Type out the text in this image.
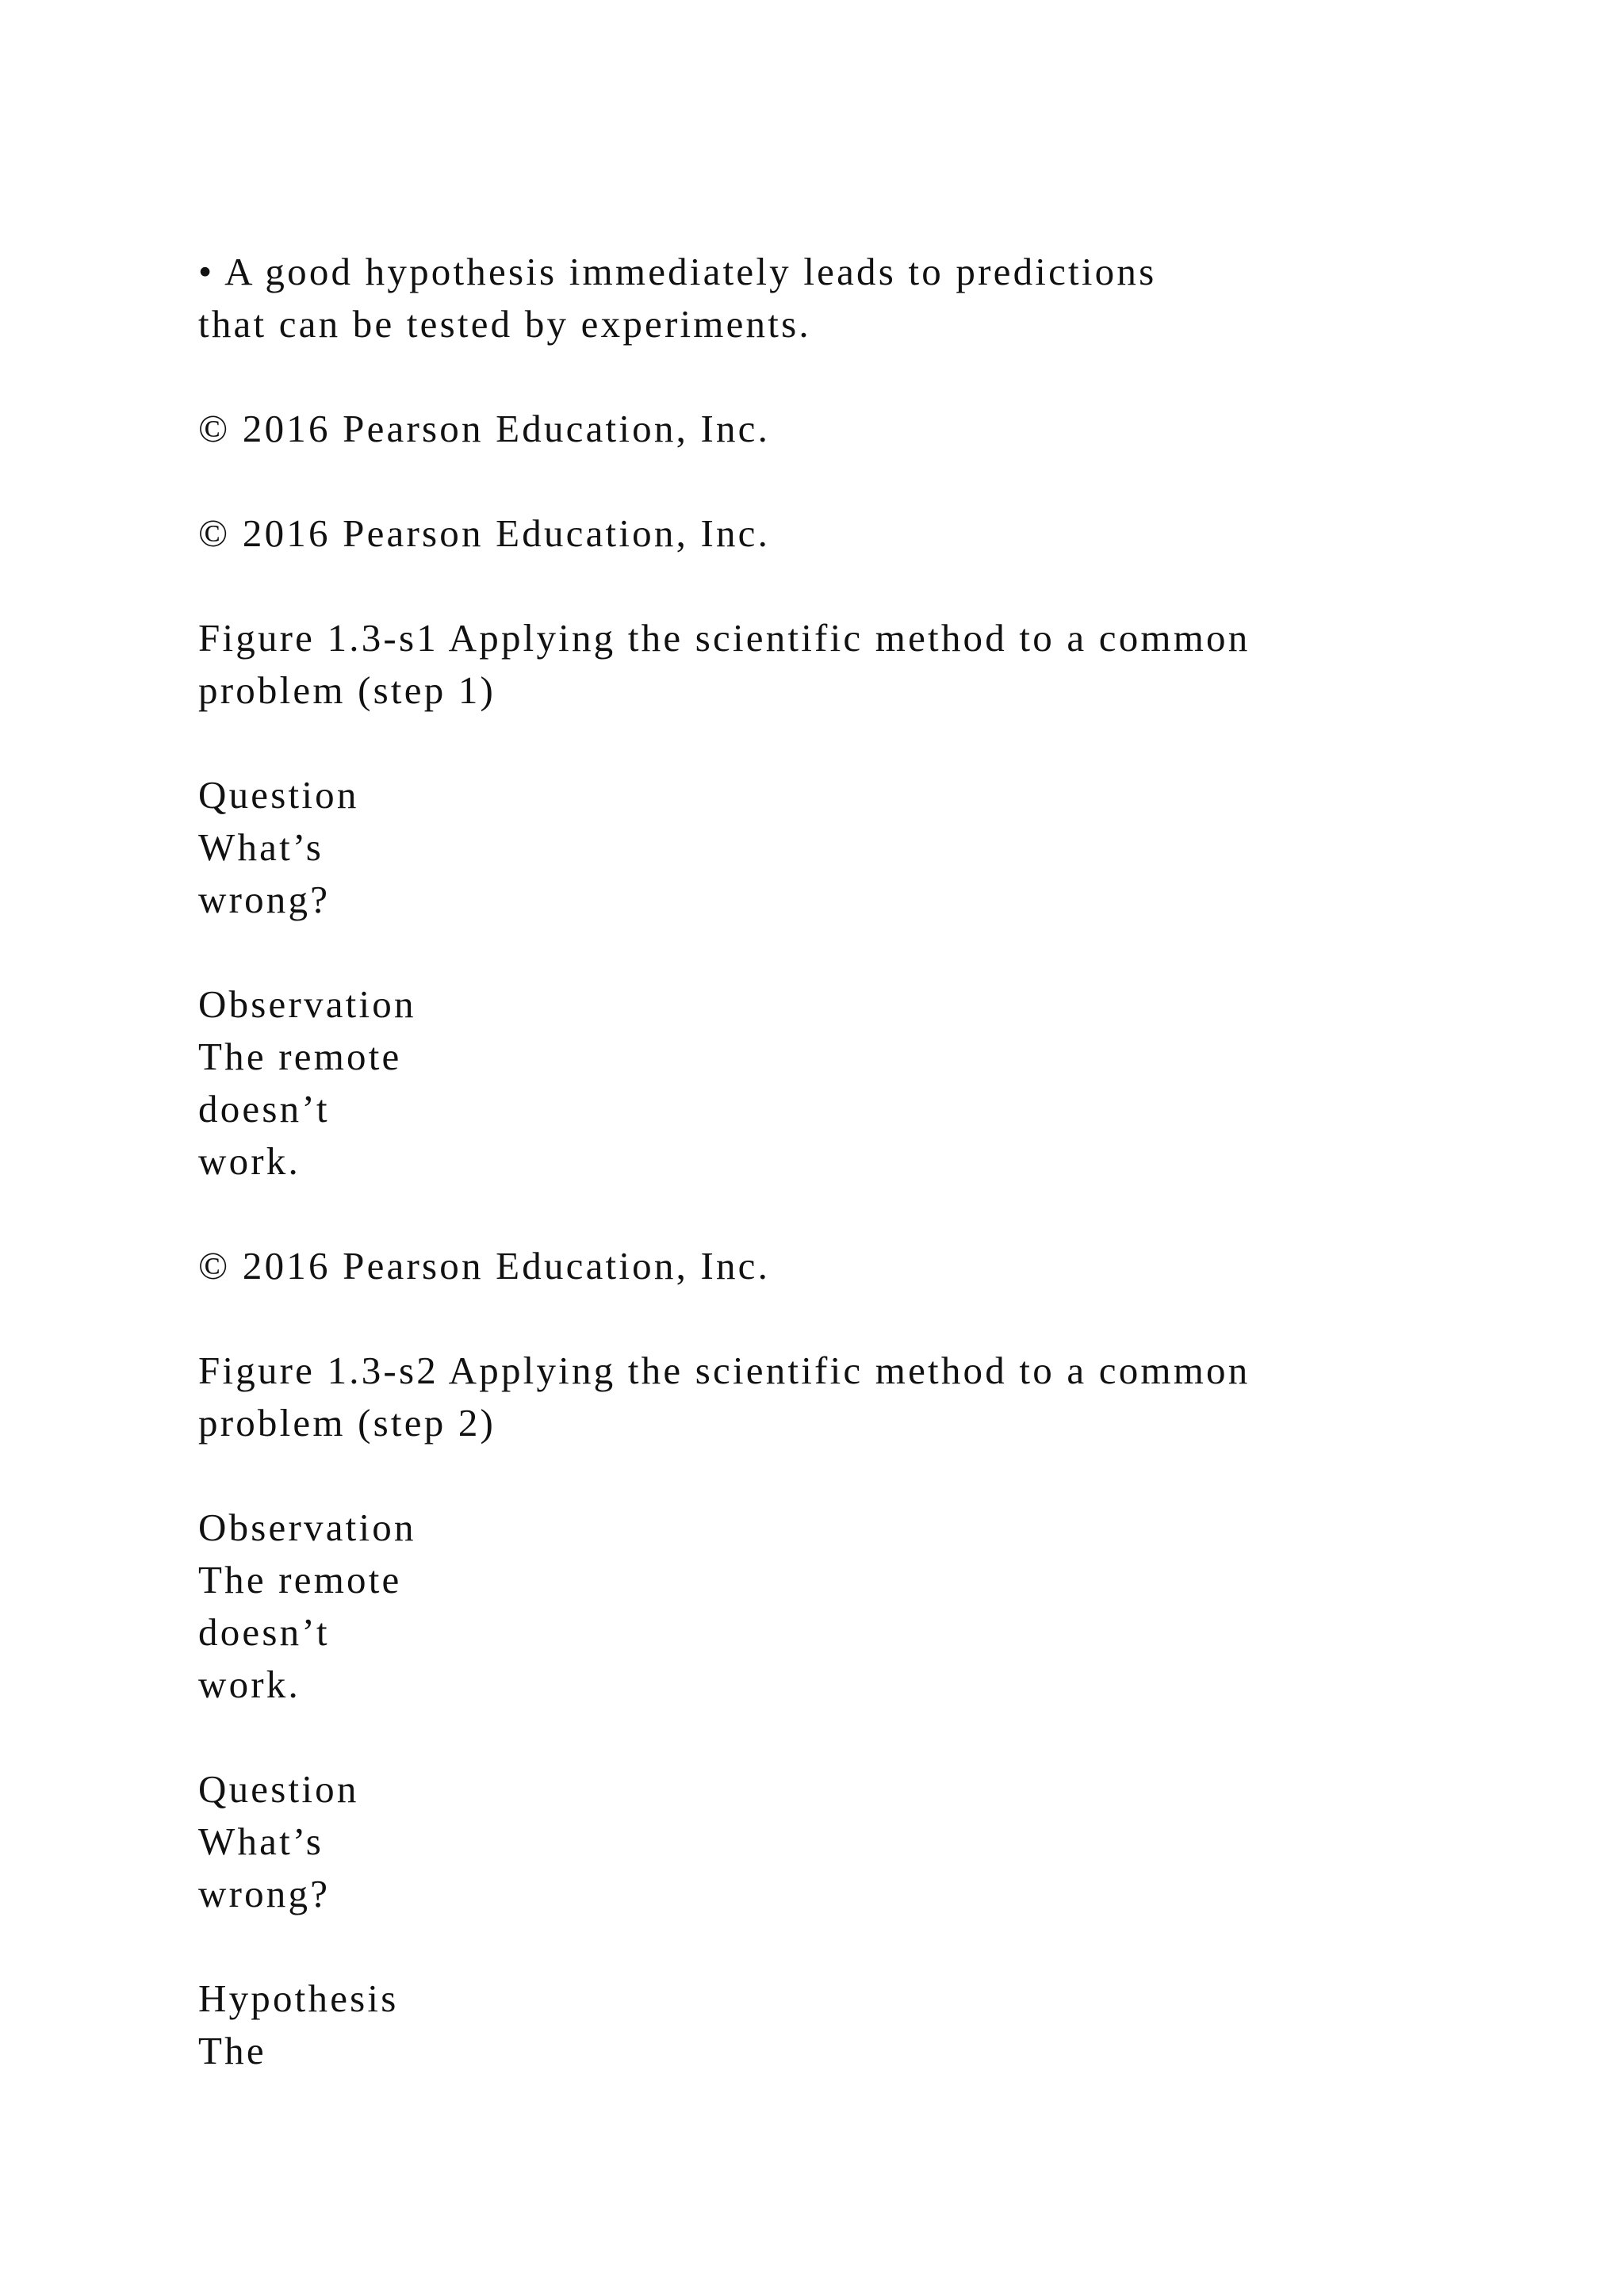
• A good hypothesis immediately leads to predictions
that can be tested by experiments.
© 2016 Pearson Education, Inc.
© 2016 Pearson Education, Inc.
Figure 1.3-s1 Applying the scientific method to a common
problem (step 1)
Question
What’s
wrong?
Observation
The remote
doesn’t
work.
© 2016 Pearson Education, Inc.
Figure 1.3-s2 Applying the scientific method to a common
problem (step 2)
Observation
The remote
doesn’t
work.
Question
What’s
wrong?
Hypothesis
The
